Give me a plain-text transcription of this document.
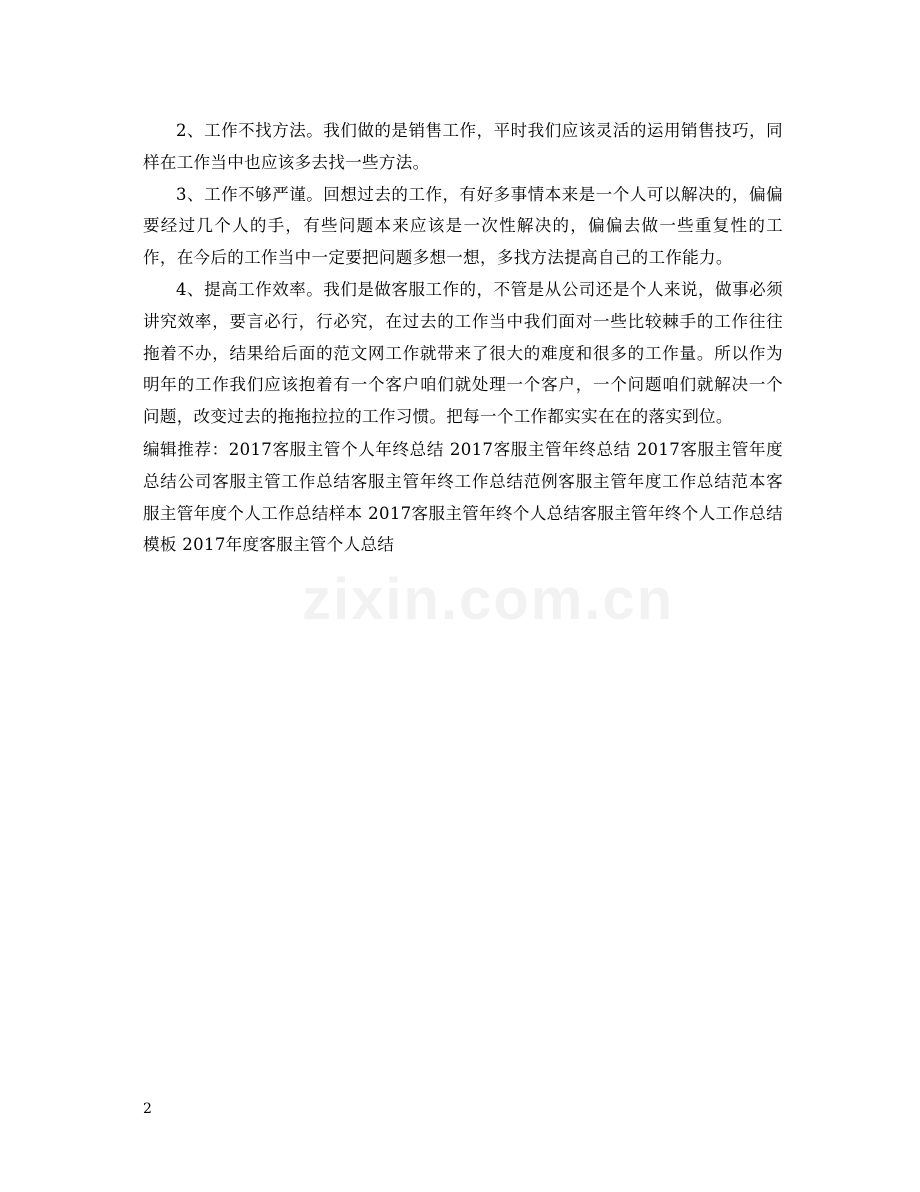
zixin.com.cn

2、工作不找方法。我们做的是销售工作，平时我们应该灵活的运用销售技巧，同样在工作当中也应该多去找一些方法。

3、工作不够严谨。回想过去的工作，有好多事情本来是一个人可以解决的，偏偏要经过几个人的手，有些问题本来应该是一次性解决的，偏偏去做一些重复性的工作，在今后的工作当中一定要把问题多想一想，多找方法提高自己的工作能力。

4、提高工作效率。我们是做客服工作的，不管是从公司还是个人来说，做事必须讲究效率，要言必行，行必究，在过去的工作当中我们面对一些比较棘手的工作往往拖着不办，结果给后面的范文网工作就带来了很大的难度和很多的工作量。所以作为明年的工作我们应该抱着有一个客户咱们就处理一个客户，一个问题咱们就解决一个问题，改变过去的拖拖拉拉的工作习惯。把每一个工作都实实在在的落实到位。

编辑推荐：2017客服主管个人年终总结 2017客服主管年终总结 2017客服主管年度总结公司客服主管工作总结客服主管年终工作总结范例客服主管年度工作总结范本客服主管年度个人工作总结样本 2017客服主管年终个人总结客服主管年终个人工作总结模板 2017年度客服主管个人总结

2
